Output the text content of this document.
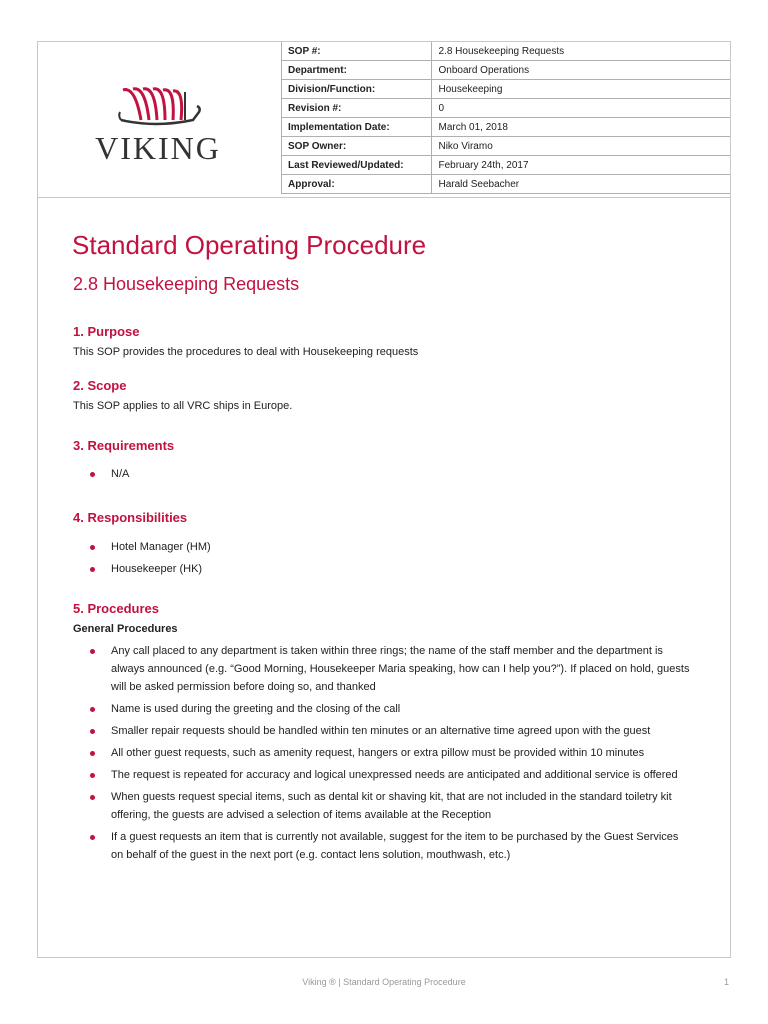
VIKING
SOP #:	2.8 Housekeeping Requests
Department:	Onboard Operations
Division/Function:	Housekeeping
Revision #:	0
Implementation Date:	March 01, 2018
SOP Owner:	Niko Viramo
Last Reviewed/Updated:	February 24th, 2017
Approval:	Harald Seebacher
Standard Operating Procedure
2.8 Housekeeping Requests
1. Purpose
This SOP provides the procedures to deal with Housekeeping requests
2. Scope
This SOP applies to all VRC ships in Europe.
3. Requirements
N/A
4. Responsibilities
Hotel Manager (HM)
Housekeeper (HK)
5. Procedures
General Procedures
Any call placed to any department is taken within three rings; the name of the staff member and the department is always announced (e.g. “Good Morning, Housekeeper Maria speaking, how can I help you?”). If placed on hold, guests will be asked permission before doing so, and thanked
Name is used during the greeting and the closing of the call
Smaller repair requests should be handled within ten minutes or an alternative time agreed upon with the guest
All other guest requests, such as amenity request, hangers or extra pillow must be provided within 10 minutes
The request is repeated for accuracy and logical unexpressed needs are anticipated and additional service is offered
When guests request special items, such as dental kit or shaving kit, that are not included in the standard toiletry kit offering, the guests are advised a selection of items available at the Reception
If a guest requests an item that is currently not available, suggest for the item to be purchased by the Guest Services on behalf of the guest in the next port (e.g. contact lens solution, mouthwash, etc.)
Viking ® | Standard Operating Procedure	1
